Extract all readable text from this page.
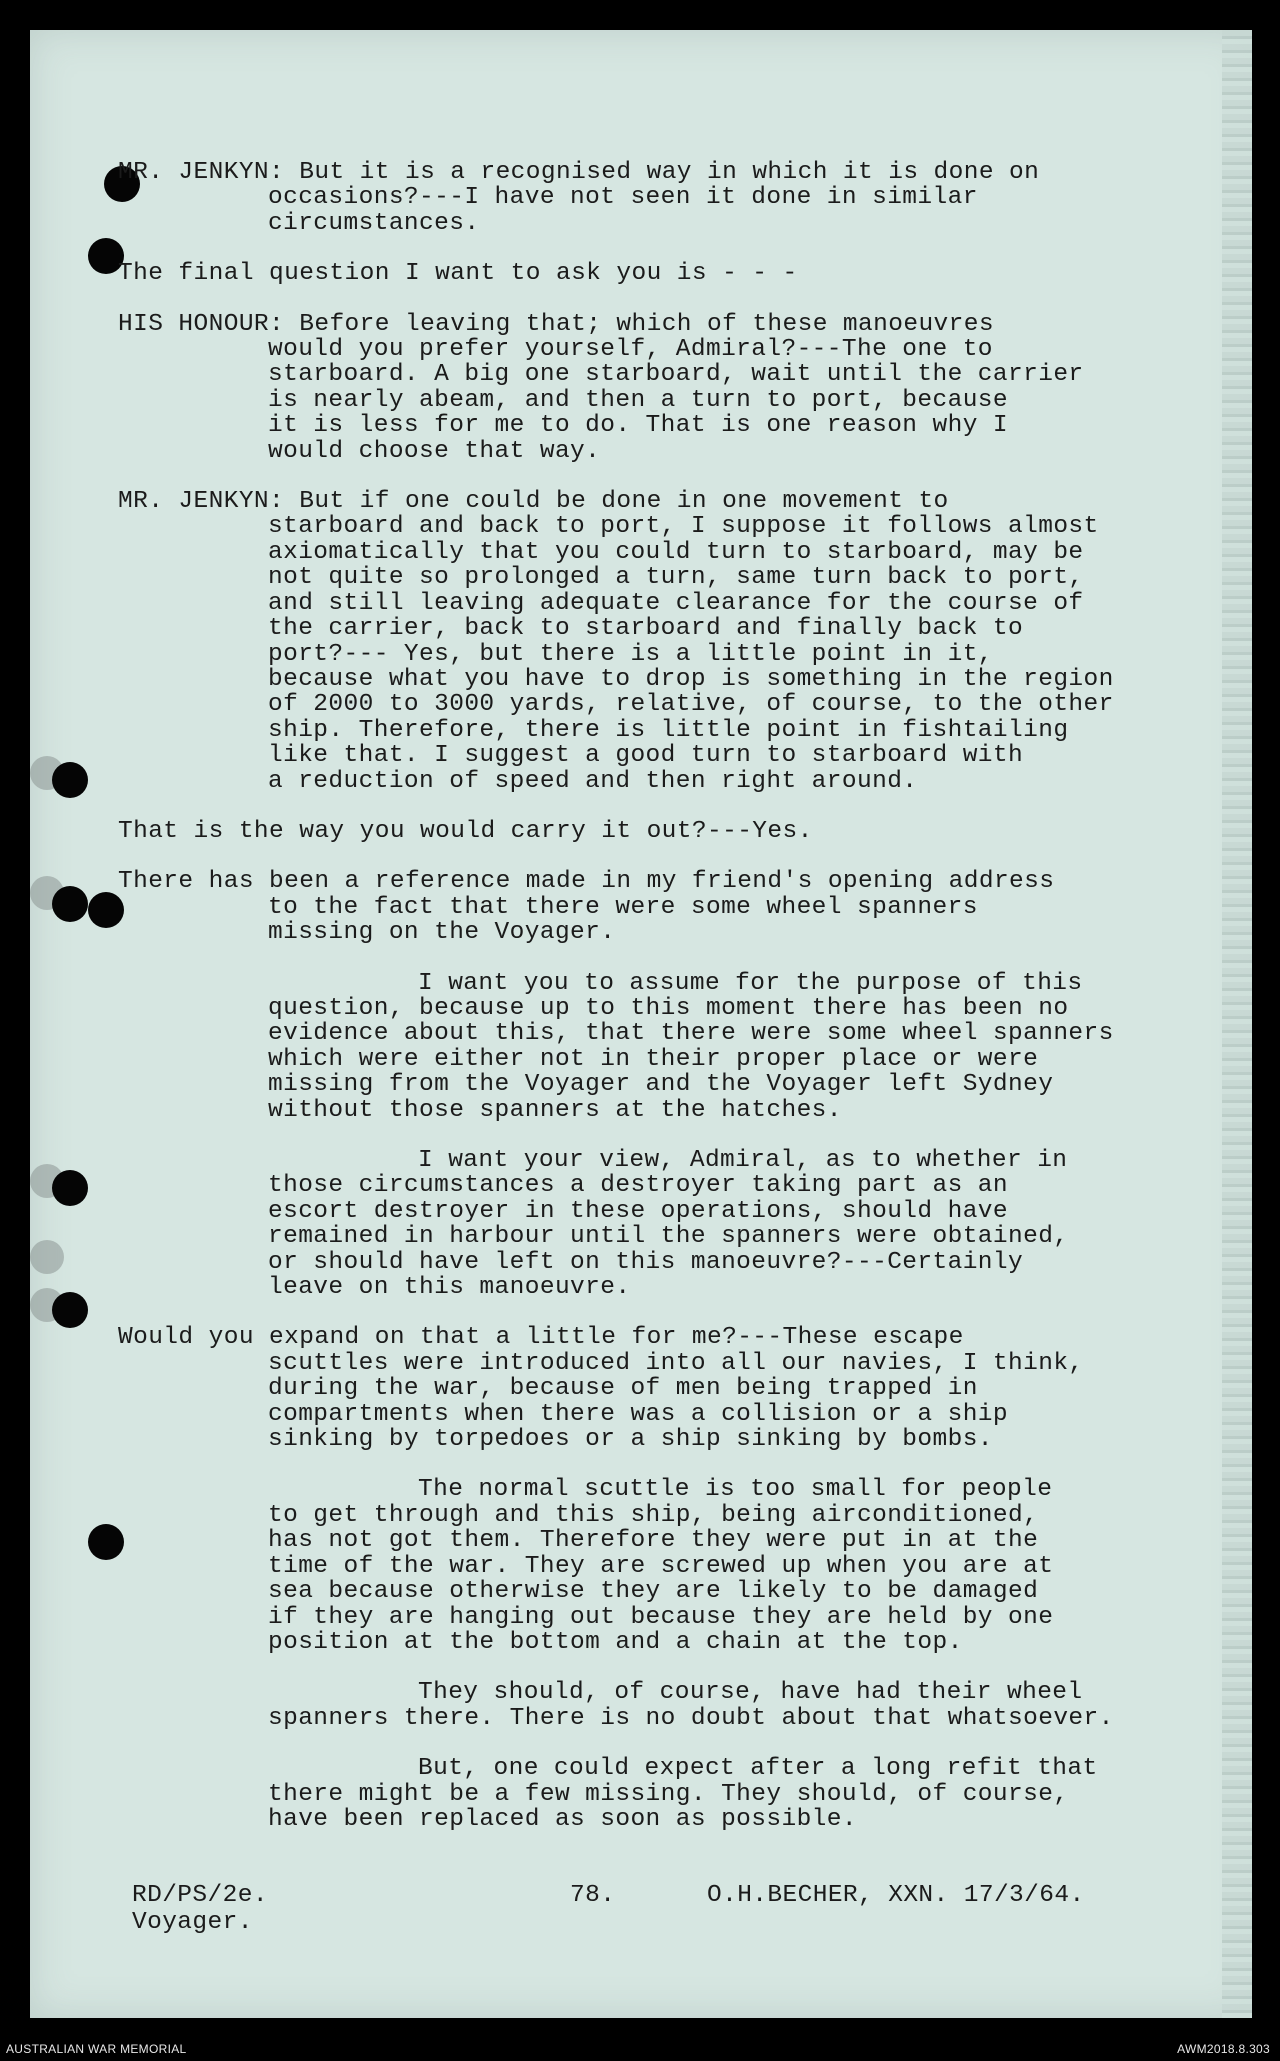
MR. JENKYN: But it is a recognised way in which it is done on
occasions?---I have not seen it done in similar
circumstances.
The final question I want to ask you is - - -
HIS HONOUR: Before leaving that; which of these manoeuvres
would you prefer yourself, Admiral?---The one to
starboard. A big one starboard, wait until the carrier
is nearly abeam, and then a turn to port, because
it is less for me to do. That is one reason why I
would choose that way.
MR. JENKYN: But if one could be done in one movement to
starboard and back to port, I suppose it follows almost
axiomatically that you could turn to starboard, may be
not quite so prolonged a turn, same turn back to port,
and still leaving adequate clearance for the course of
the carrier, back to starboard and finally back to
port?--- Yes, but there is a little point in it,
because what you have to drop is something in the region
of 2000 to 3000 yards, relative, of course, to the other
ship. Therefore, there is little point in fishtailing
like that. I suggest a good turn to starboard with
a reduction of speed and then right around.
That is the way you would carry it out?---Yes.
There has been a reference made in my friend's opening address
to the fact that there were some wheel spanners
missing on the Voyager.
I want you to assume for the purpose of this
question, because up to this moment there has been no
evidence about this, that there were some wheel spanners
which were either not in their proper place or were
missing from the Voyager and the Voyager left Sydney
without those spanners at the hatches.
I want your view, Admiral, as to whether in
those circumstances a destroyer taking part as an
escort destroyer in these operations, should have
remained in harbour until the spanners were obtained,
or should have left on this manoeuvre?---Certainly
leave on this manoeuvre.
Would you expand on that a little for me?---These escape
scuttles were introduced into all our navies, I think,
during the war, because of men being trapped in
compartments when there was a collision or a ship
sinking by torpedoes or a ship sinking by bombs.
The normal scuttle is too small for people
to get through and this ship, being airconditioned,
has not got them. Therefore they were put in at the
time of the war. They are screwed up when you are at
sea because otherwise they are likely to be damaged
if they are hanging out because they are held by one
position at the bottom and a chain at the top.
They should, of course, have had their wheel
spanners there. There is no doubt about that whatsoever.
But, one could expect after a long refit that
there might be a few missing. They should, of course,
have been replaced as soon as possible.
RD/PS/2e.
Voyager.
78.	O.H.BECHER, XXN. 17/3/64.
AUSTRALIAN WAR MEMORIAL	AWM2018.8.303
